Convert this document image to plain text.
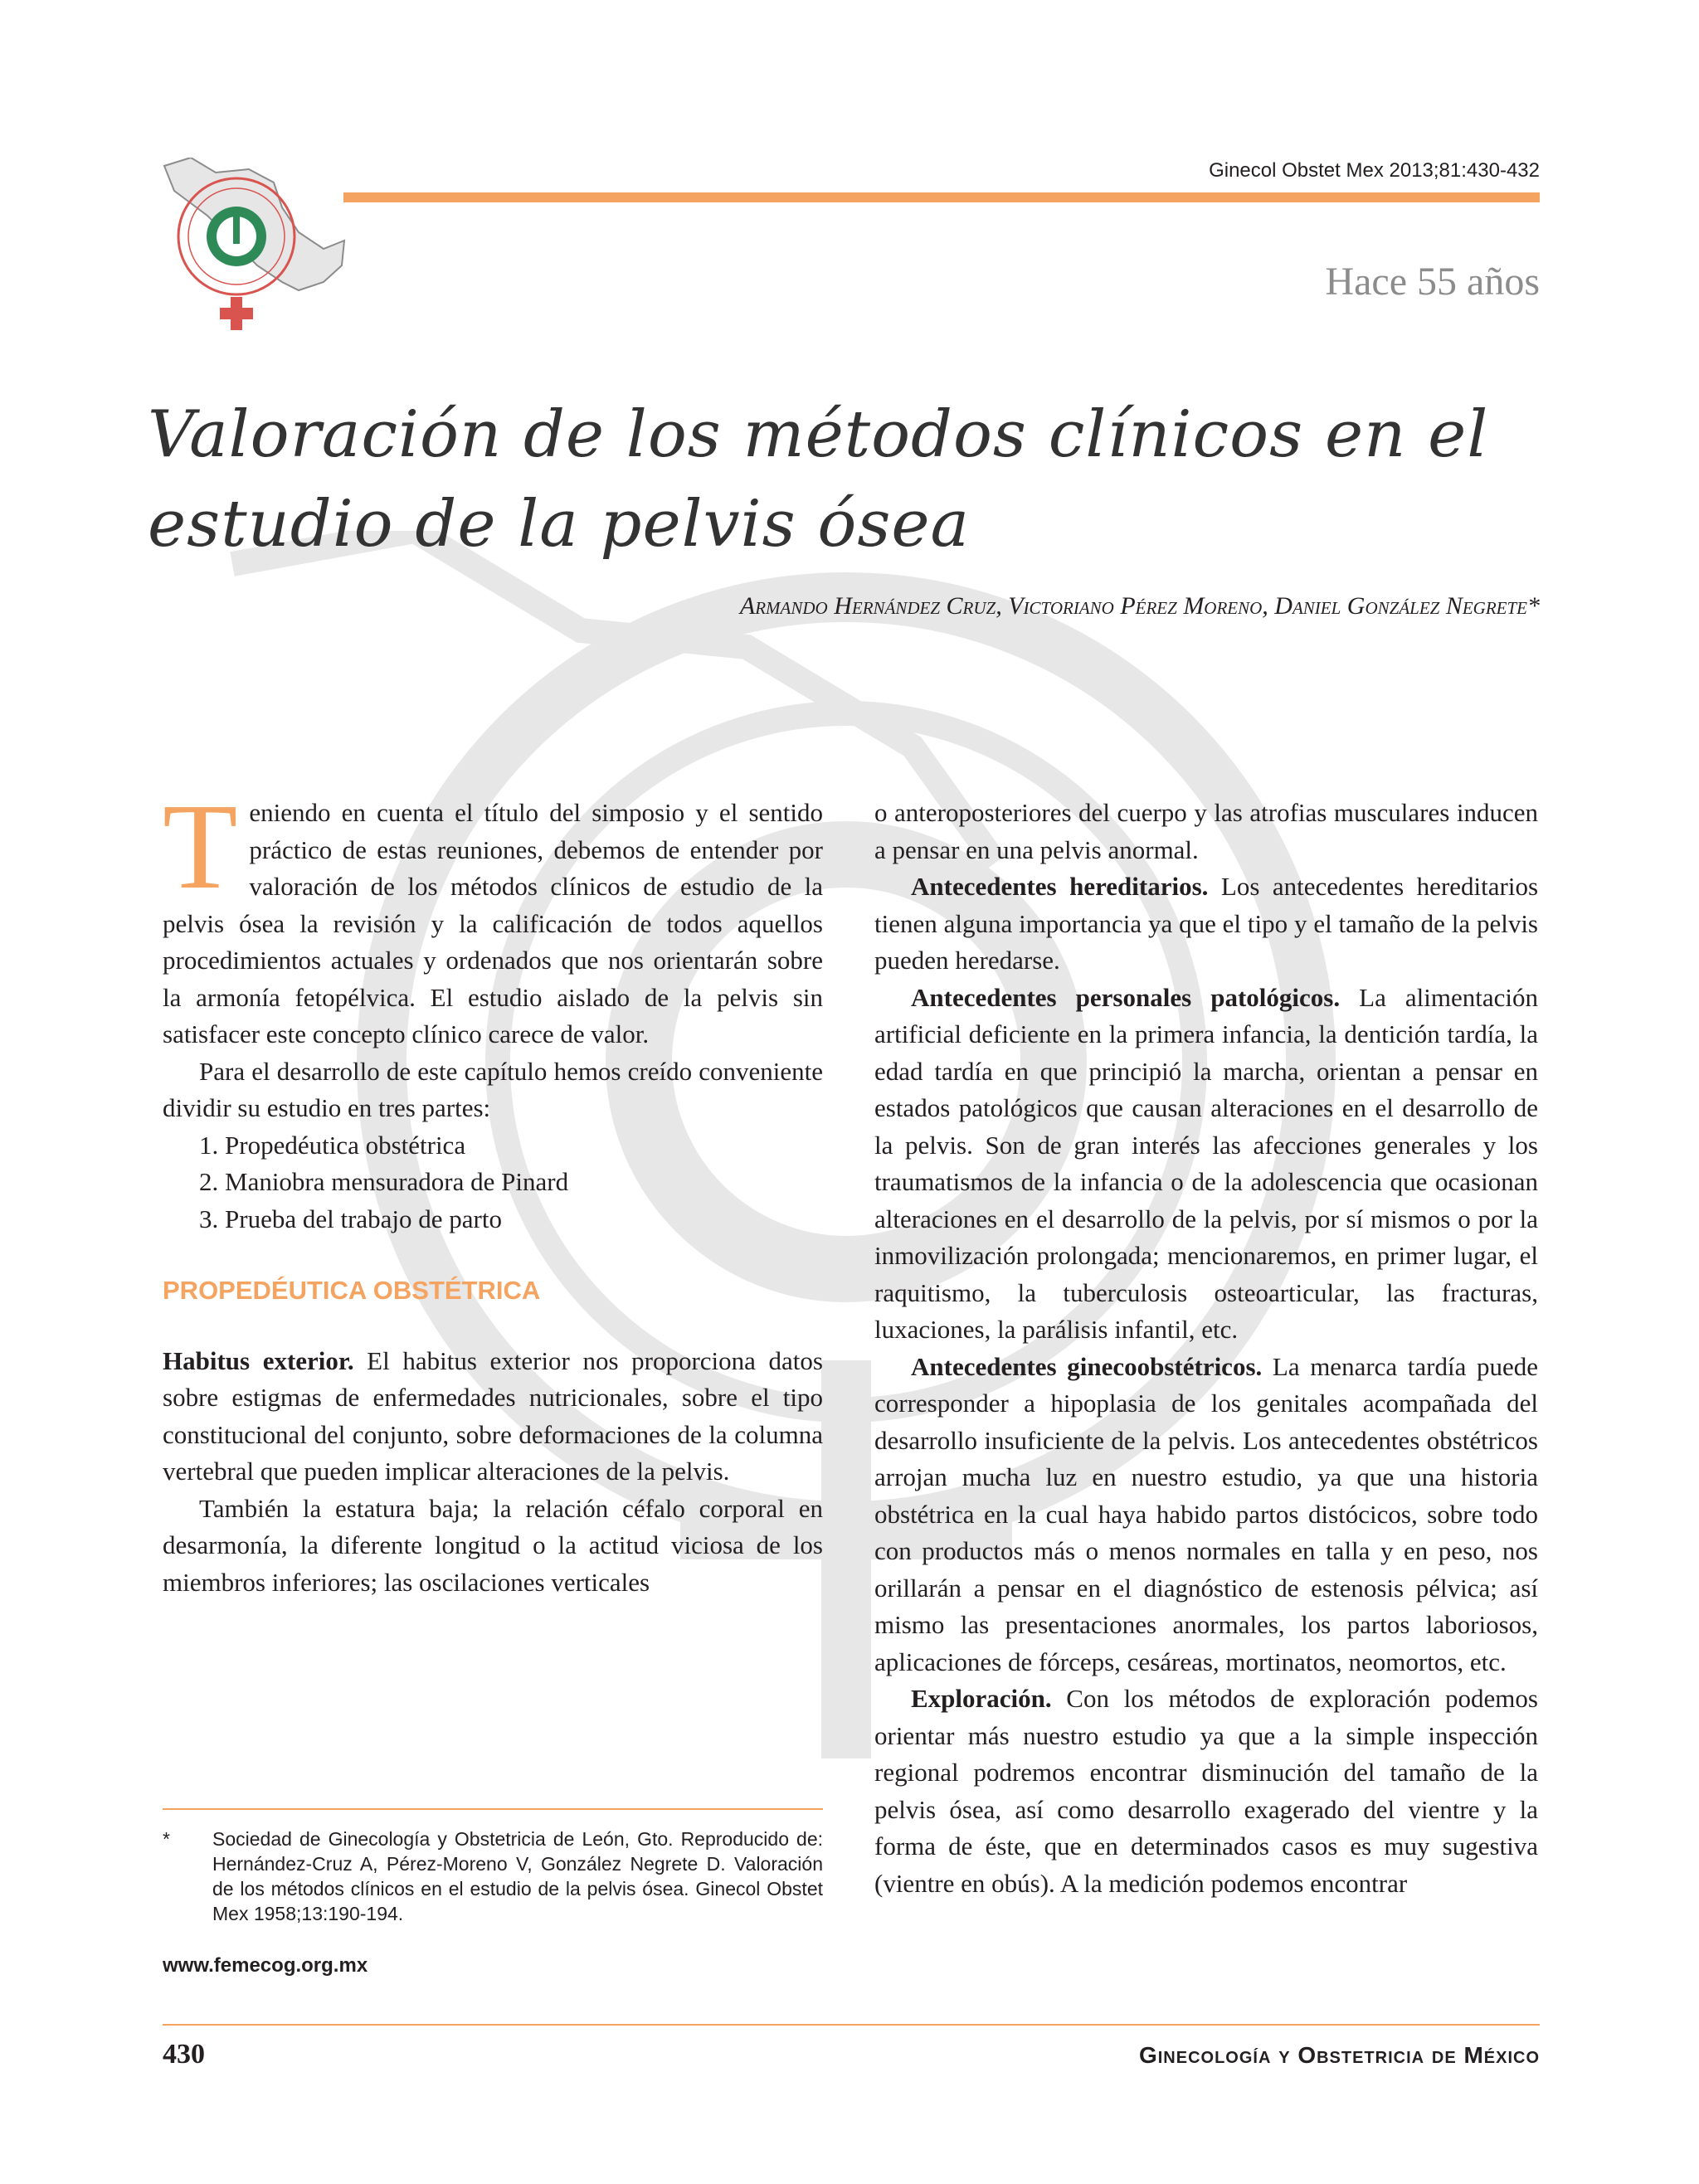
Ginecol Obstet Mex 2013;81:430-432
Hace 55 años
Valoración de los métodos clínicos en el estudio de la pelvis ósea
Armando Hernández Cruz, Victoriano Pérez Moreno, Daniel González Negrete*

Teniendo en cuenta el título del simposio y el sentido práctico de estas reuniones, debemos de entender por valoración de los métodos clínicos de estudio de la pelvis ósea la revisión y la calificación de todos aquellos procedimientos actuales y ordenados que nos orientarán sobre la armonía fetopélvica. El estudio aislado de la pelvis sin satisfacer este concepto clínico carece de valor.

Para el desarrollo de este capítulo hemos creído conveniente dividir su estudio en tres partes:

1. Propedéutica obstétrica

2. Maniobra mensuradora de Pinard

3. Prueba del trabajo de parto

PROPEDÉUTICA OBSTÉTRICA

Habitus exterior. El habitus exterior nos proporciona datos sobre estigmas de enfermedades nutricionales, sobre el tipo constitucional del conjunto, sobre deformaciones de la columna vertebral que pueden implicar alteraciones de la pelvis.

También la estatura baja; la relación céfalo corporal en desarmonía, la diferente longitud o la actitud viciosa de los miembros inferiores; las oscilaciones verticales

o anteroposteriores del cuerpo y las atrofias musculares inducen a pensar en una pelvis anormal.

Antecedentes hereditarios. Los antecedentes hereditarios tienen alguna importancia ya que el tipo y el tamaño de la pelvis pueden heredarse.

Antecedentes personales patológicos. La alimentación artificial deficiente en la primera infancia, la dentición tardía, la edad tardía en que principió la marcha, orientan a pensar en estados patológicos que causan alteraciones en el desarrollo de la pelvis. Son de gran interés las afecciones generales y los traumatismos de la infancia o de la adolescencia que ocasionan alteraciones en el desarrollo de la pelvis, por sí mismos o por la inmovilización prolongada; mencionaremos, en primer lugar, el raquitismo, la tuberculosis osteoarticular, las fracturas, luxaciones, la parálisis infantil, etc.

Antecedentes ginecoobstétricos. La menarca tardía puede corresponder a hipoplasia de los genitales acompañada del desarrollo insuficiente de la pelvis. Los antecedentes obstétricos arrojan mucha luz en nuestro estudio, ya que una historia obstétrica en la cual haya habido partos distócicos, sobre todo con productos más o menos normales en talla y en peso, nos orillarán a pensar en el diagnóstico de estenosis pélvica; así mismo las presentaciones anormales, los partos laboriosos, aplicaciones de fórceps, cesáreas, mortinatos, neomortos, etc.

Exploración. Con los métodos de exploración podemos orientar más nuestro estudio ya que a la simple inspección regional podremos encontrar disminución del tamaño de la pelvis ósea, así como desarrollo exagerado del vientre y la forma de éste, que en determinados casos es muy sugestiva (vientre en obús). A la medición podemos encontrar

*	Sociedad de Ginecología y Obstetricia de León, Gto. Reproducido de: Hernández-Cruz A, Pérez-Moreno V, González Negrete D. Valoración de los métodos clínicos en el estudio de la pelvis ósea. Ginecol Obstet Mex 1958;13:190-194.
www.femecog.org.mx
430	Ginecología y Obstetricia de México
